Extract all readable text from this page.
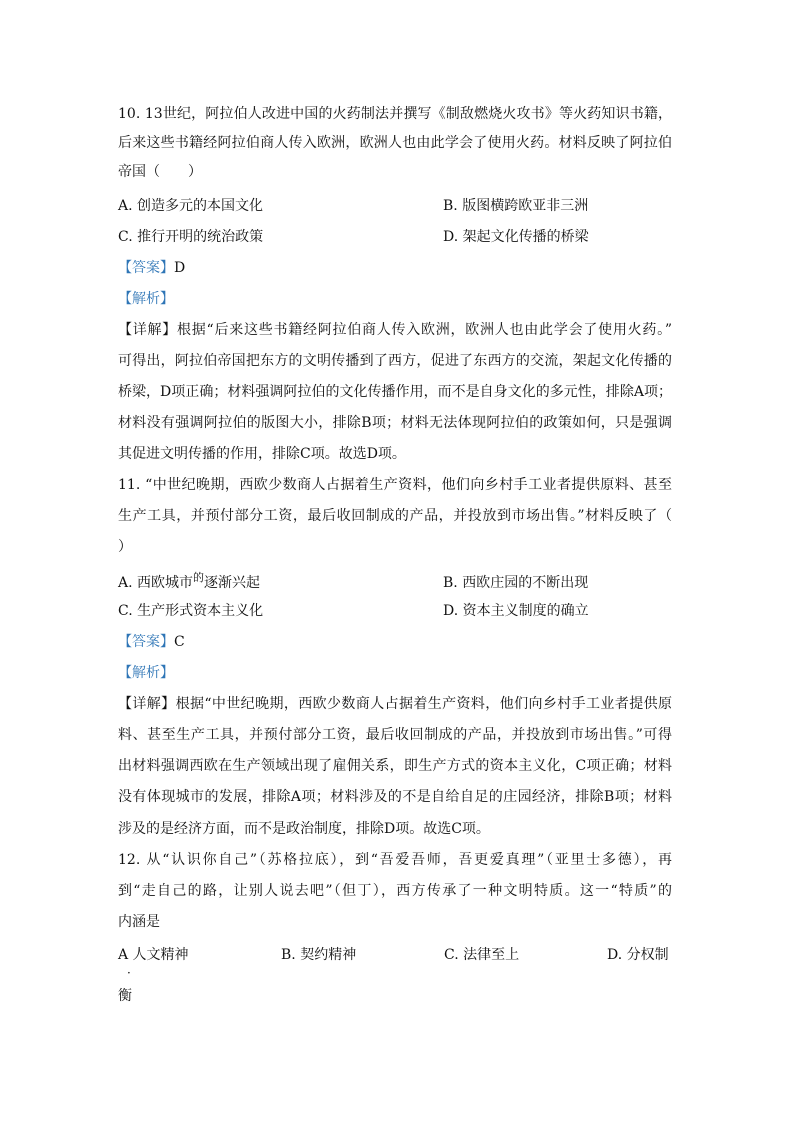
10. 13世纪，阿拉伯人改进中国的火药制法并撰写《制敌燃烧火攻书》等火药知识书籍，
后来这些书籍经阿拉伯商人传入欧洲，欧洲人也由此学会了使用火药。材料反映了阿拉伯
帝国（　　）
A. 创造多元的本国文化	B. 版图横跨欧亚非三洲
C. 推行开明的统治政策	D. 架起文化传播的桥梁
【答案】D
【解析】
【详解】根据“后来这些书籍经阿拉伯商人传入欧洲，欧洲人也由此学会了使用火药。”
可得出，阿拉伯帝国把东方的文明传播到了西方，促进了东西方的交流，架起文化传播的
桥梁，D项正确；材料强调阿拉伯的文化传播作用，而不是自身文化的多元性，排除A项；
材料没有强调阿拉伯的版图大小，排除B项；材料无法体现阿拉伯的政策如何，只是强调
其促进文明传播的作用，排除C项。故选D项。
11. “中世纪晚期，西欧少数商人占据着生产资料，他们向乡村手工业者提供原料、甚至
生产工具，并预付部分工资，最后收回制成的产品，并投放到市场出售。”材料反映了（
）
A. 西欧城市$^的$逐渐兴起	B. 西欧庄园的不断出现
C. 生产形式资本主义化	D. 资本主义制度的确立
【答案】C
【解析】
【详解】根据“中世纪晚期，西欧少数商人占据着生产资料，他们向乡村手工业者提供原
料、甚至生产工具，并预付部分工资，最后收回制成的产品，并投放到市场出售。”可得
出材料强调西欧在生产领域出现了雇佣关系，即生产方式的资本主义化，C项正确；材料
没有体现城市的发展，排除A项；材料涉及的不是自给自足的庄园经济，排除B项；材料
涉及的是经济方面，而不是政治制度，排除D项。故选C项。
12. 从“认识你自己”（苏格拉底），到“吾爱吾师，吾更爱真理”（亚里士多德），再
到“走自己的路，让别人说去吧”（但丁），西方传承了一种文明特质。这一“特质”的
内涵是
A 人文精神
·
B. 契约精神	C. 法律至上	D. 分权制
衡
